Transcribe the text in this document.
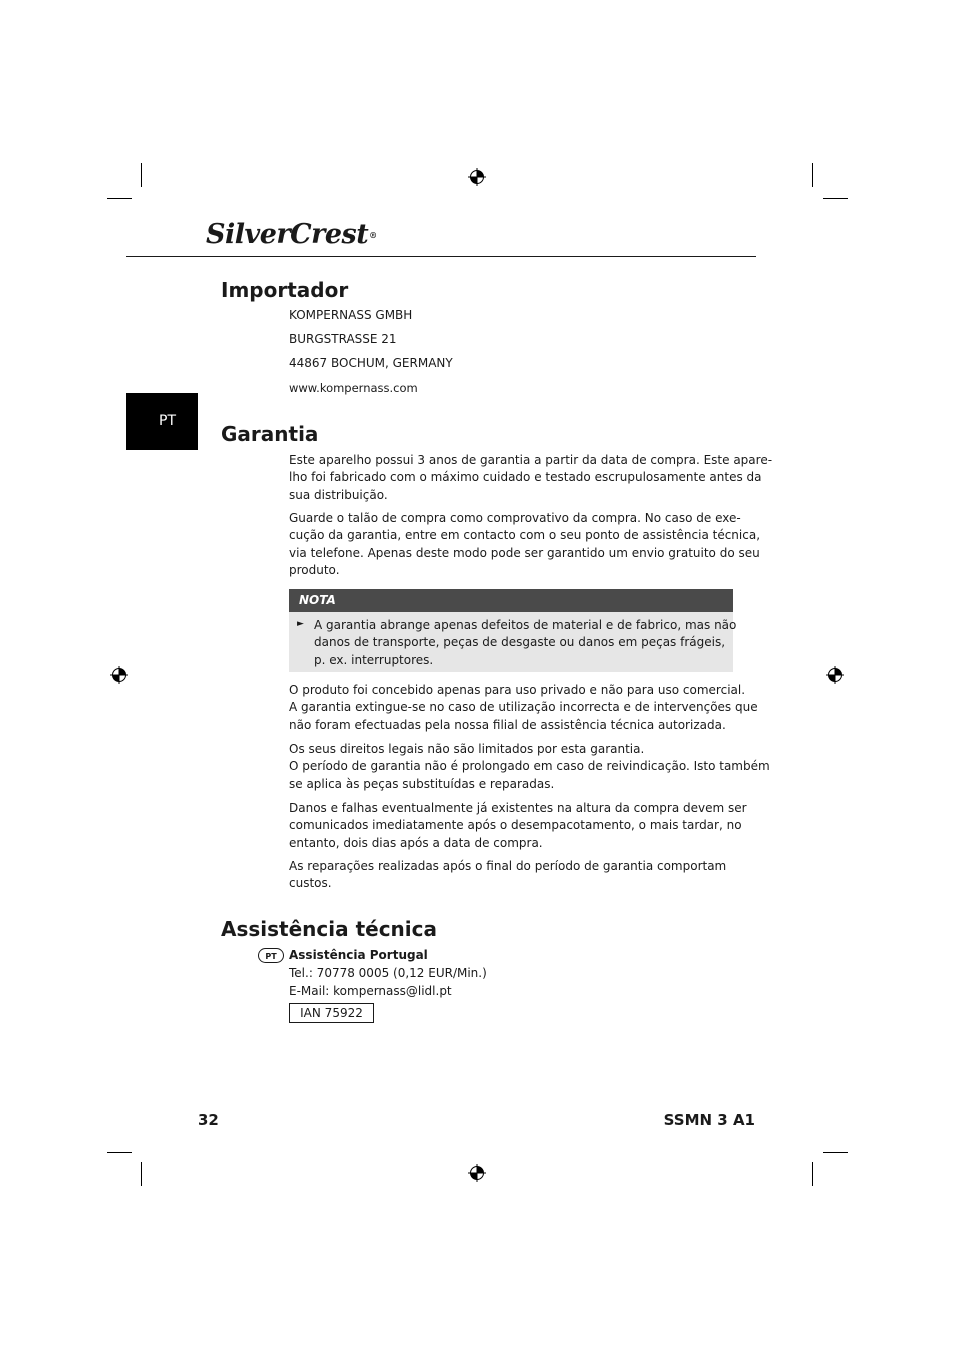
SilverCrest®
PT
Importador
KOMPERNASS GMBH
BURGSTRASSE 21
44867 BOCHUM, GERMANY
www.kompernass.com
Garantia
Este aparelho possui 3 anos de garantia a partir da data de compra. Este apare-
lho foi fabricado com o máximo cuidado e testado escrupulosamente antes da
sua distribuição.
Guarde o talão de compra como comprovativo da compra. No caso de exe-
cução da garantia, entre em contacto com o seu ponto de assistência técnica,
via telefone. Apenas deste modo pode ser garantido um envio gratuito do seu
produto.
NOTA
► A garantia abrange apenas defeitos de material e de fabrico, mas não
danos de transporte, peças de desgaste ou danos em peças frágeis,
p. ex. interruptores.
O produto foi concebido apenas para uso privado e não para uso comercial.
A garantia extingue-se no caso de utilização incorrecta e de intervenções que
não foram efectuadas pela nossa filial de assistência técnica autorizada.
Os seus direitos legais não são limitados por esta garantia.
O período de garantia não é prolongado em caso de reivindicação. Isto também
se aplica às peças substituídas e reparadas.
Danos e falhas eventualmente já existentes na altura da compra devem ser
comunicados imediatamente após o desempacotamento, o mais tardar, no
entanto, dois dias após a data de compra.
As reparações realizadas após o final do período de garantia comportam
custos.
Assistência técnica
PT	Assistência Portugal
Tel.: 70778 0005 (0,12 EUR/Min.)
E-Mail: kompernass@lidl.pt
IAN 75922
32	SSMN 3 A1
